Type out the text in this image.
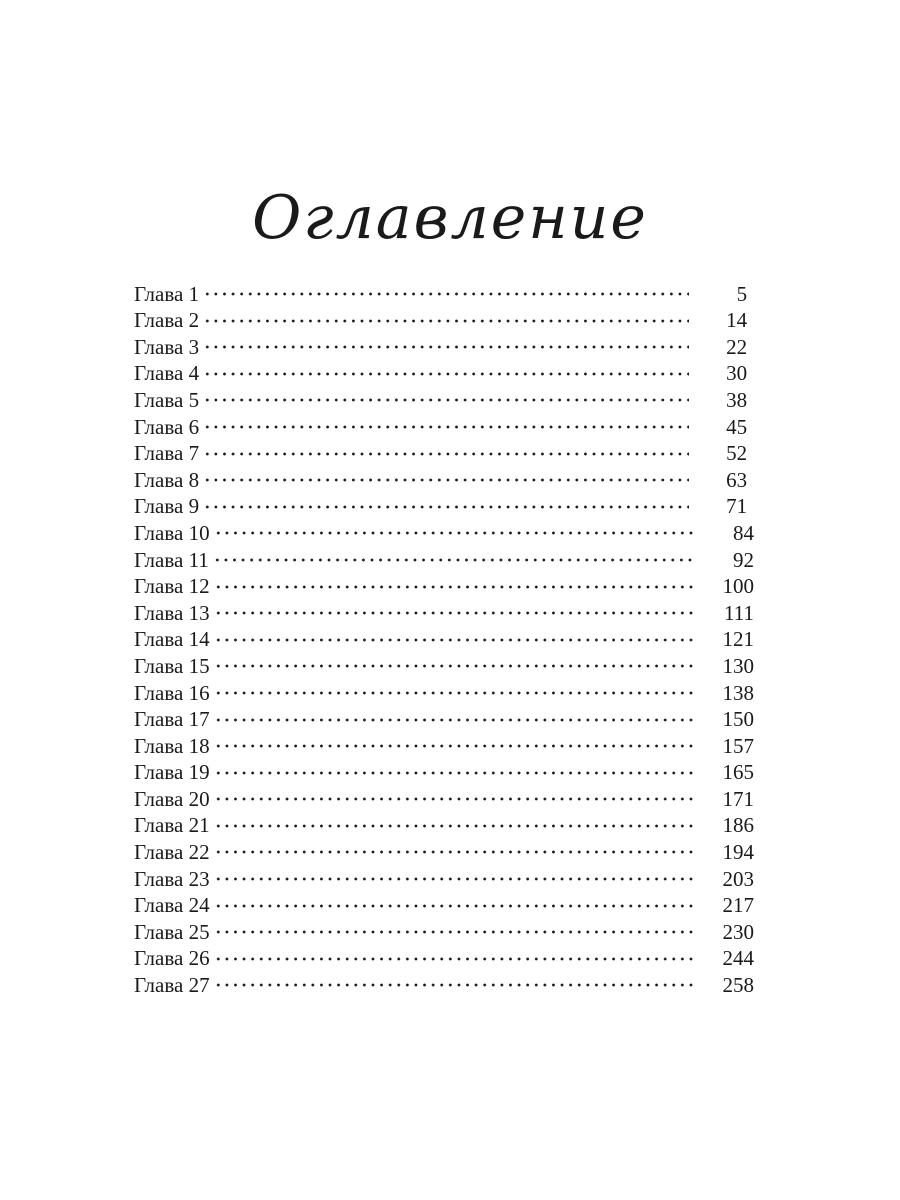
Оглавление
Глава 1	5
Глава 2	14
Глава 3	22
Глава 4	30
Глава 5	38
Глава 6	45
Глава 7	52
Глава 8	63
Глава 9	71
Глава 10	84
Глава 11	92
Глава 12	100
Глава 13	111
Глава 14	121
Глава 15	130
Глава 16	138
Глава 17	150
Глава 18	157
Глава 19	165
Глава 20	171
Глава 21	186
Глава 22	194
Глава 23	203
Глава 24	217
Глава 25	230
Глава 26	244
Глава 27	258
